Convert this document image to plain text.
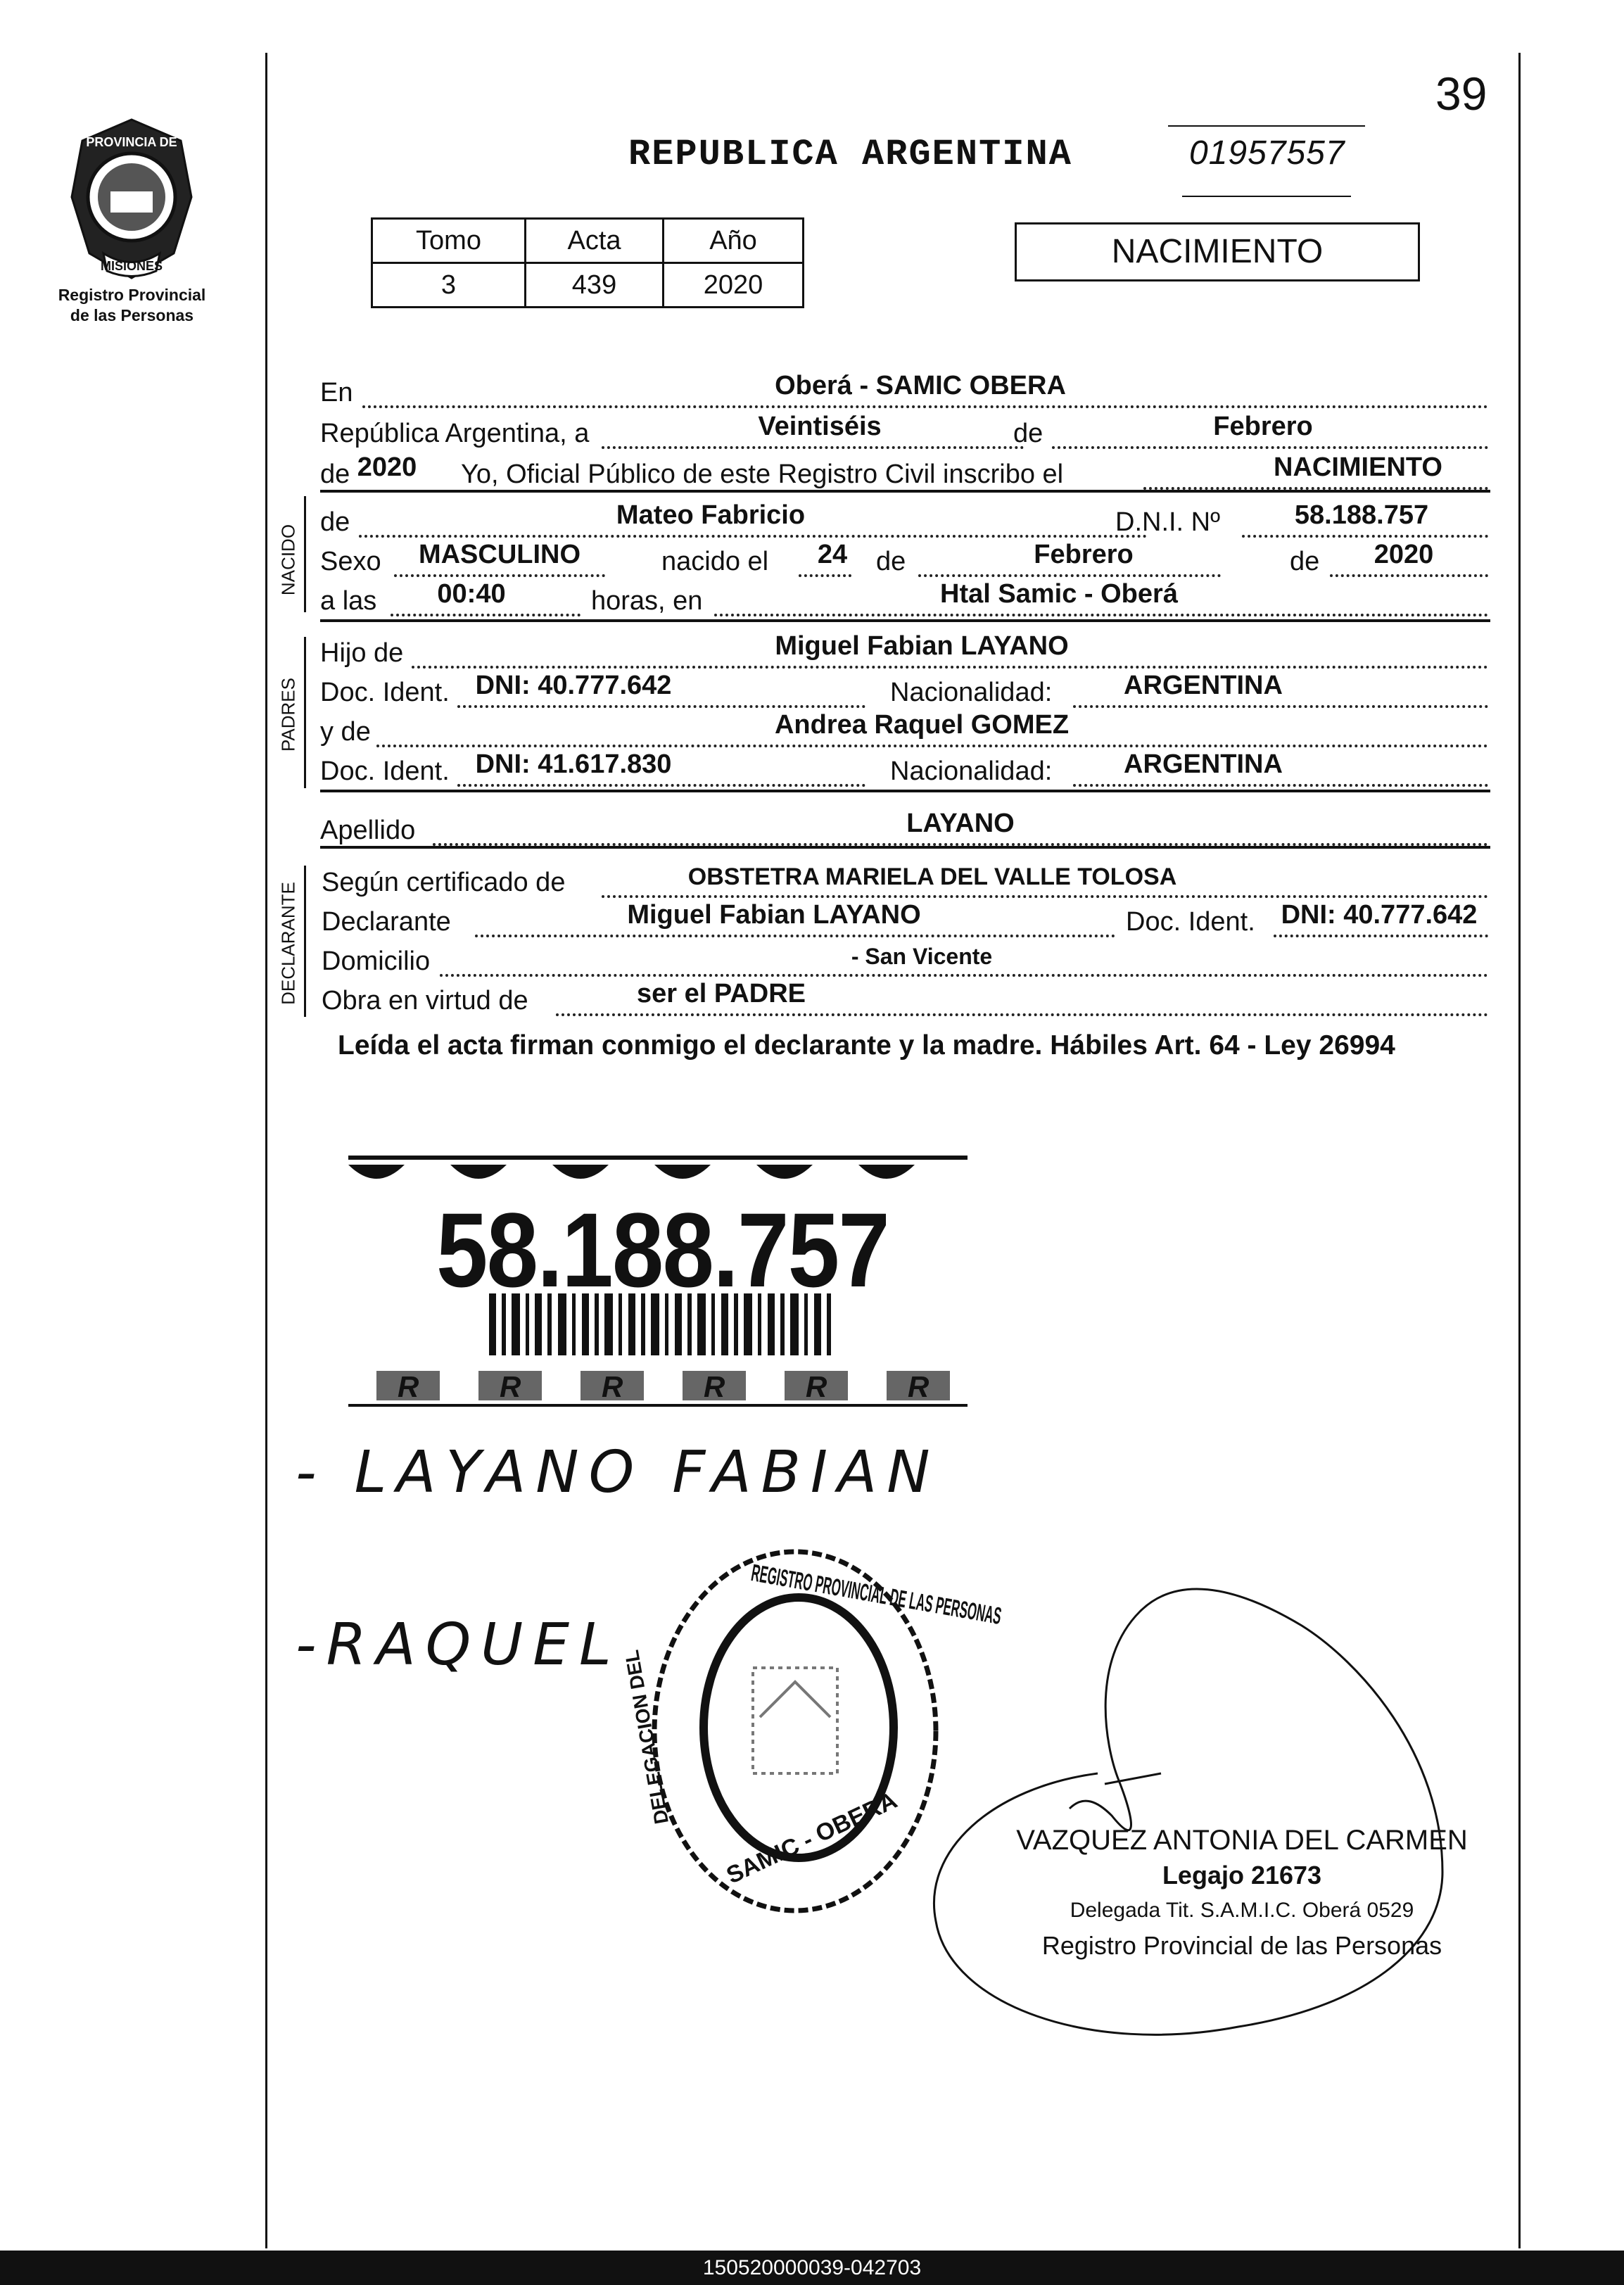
39
PROVINCIA DE
MISIONES
Registro Provincial
de las Personas
REPUBLICA ARGENTINA	01957557
Tomo	Acta	Año
3	439	2020
NACIMIENTO
En	Oberá - SAMIC OBERA
República Argentina, a	Veintiséis	de	Febrero
de 2020 Yo, Oficial Público de este Registro Civil inscribo el	NACIMIENTO
NACIDO
de	Mateo Fabricio	D.N.I. Nº	58.188.757
Sexo MASCULINO	nacido el 24 de	Febrero	de 2020
a las 00:40	horas, en	Htal Samic - Oberá
PADRES
Hijo de	Miguel Fabian LAYANO
Doc. Ident. DNI: 40.777.642	Nacionalidad:	ARGENTINA
y de	Andrea Raquel GOMEZ
Doc. Ident. DNI: 41.617.830	Nacionalidad:	ARGENTINA
Apellido	LAYANO
DECLARANTE Según certificado de	OBSTETRA MARIELA DEL VALLE TOLOSA
Declarante	Miguel Fabian LAYANO	Doc. Ident. DNI: 40.777.642
Domicilio	- San Vicente
Obra en virtud de	ser el PADRE
Leída el acta firman conmigo el declarante y la madre. Hábiles Art. 64 - Ley 26994
R	R	R	R	R	R
58.188.757
- LAYANO FABIAN
-RAQUEL	REGISTRO PROVINCIAL DE LAS PERSONAS
SAMIC - OBERA
DELEGACION DEL
VAZQUEZ ANTONIA DEL CARMEN
Legajo 21673
Delegada Tit. S.A.M.I.C. Oberá 0529
Registro Provincial de las Personas
150520000039-042703
